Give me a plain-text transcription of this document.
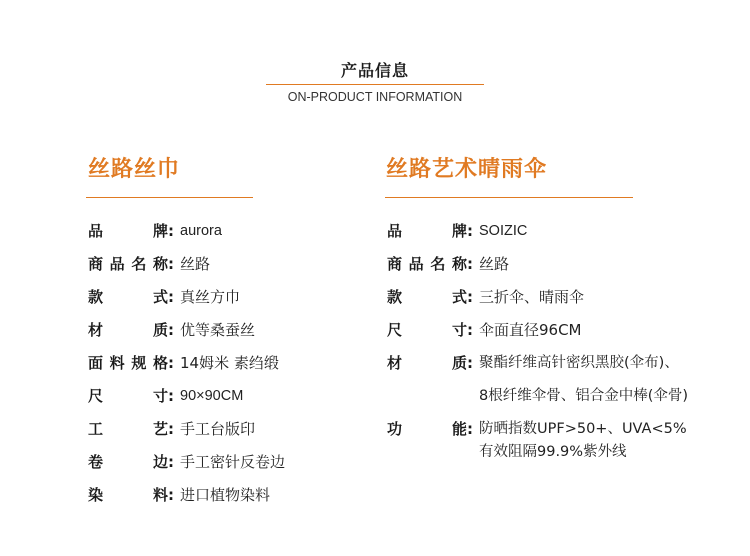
产品信息
ON-PRODUCT INFORMATION
丝路丝巾
品牌 : aurora
商品名称 : 丝路
款式 : 真丝方巾
材质 : 优等桑蚕丝
面料规格 : 14姆米 素绉缎
尺寸 : 90×90CM
工艺 : 手工台版印
卷边 : 手工密针反卷边
染料 : 进口植物染料
丝路艺术晴雨伞
品牌 : SOIZIC
商品名称 : 丝路
款式 : 三折伞、晴雨伞
尺寸 : 伞面直径96CM
材质 : 聚酯纤维高针密织黑胶(伞布)、
8根纤维伞骨、铝合金中棒(伞骨)
功能 : 防晒指数UPF>50+、UVA<5%
有效阻隔99.9%紫外线
